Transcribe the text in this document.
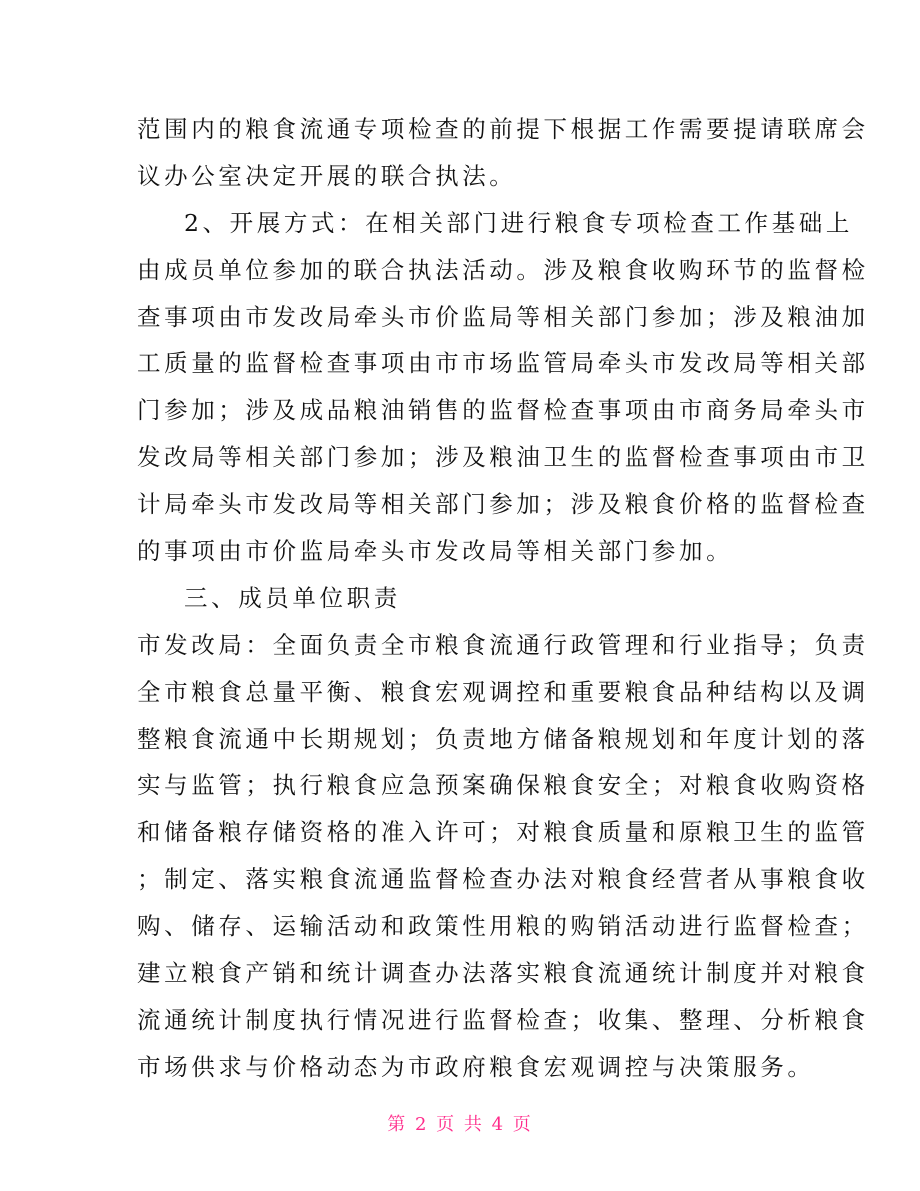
范围内的粮食流通专项检查的前提下根据工作需要提请联席会
议办公室决定开展的联合执法。
2、开展方式：在相关部门进行粮食专项检查工作基础上
由成员单位参加的联合执法活动。涉及粮食收购环节的监督检
查事项由市发改局牵头市价监局等相关部门参加；涉及粮油加
工质量的监督检查事项由市市场监管局牵头市发改局等相关部
门参加；涉及成品粮油销售的监督检查事项由市商务局牵头市
发改局等相关部门参加；涉及粮油卫生的监督检查事项由市卫
计局牵头市发改局等相关部门参加；涉及粮食价格的监督检查
的事项由市价监局牵头市发改局等相关部门参加。
三、成员单位职责
市发改局：全面负责全市粮食流通行政管理和行业指导；负责
全市粮食总量平衡、粮食宏观调控和重要粮食品种结构以及调
整粮食流通中长期规划；负责地方储备粮规划和年度计划的落
实与监管；执行粮食应急预案确保粮食安全；对粮食收购资格
和储备粮存储资格的准入许可；对粮食质量和原粮卫生的监管
；制定、落实粮食流通监督检查办法对粮食经营者从事粮食收
购、储存、运输活动和政策性用粮的购销活动进行监督检查；
建立粮食产销和统计调查办法落实粮食流通统计制度并对粮食
流通统计制度执行情况进行监督检查；收集、整理、分析粮食
市场供求与价格动态为市政府粮食宏观调控与决策服务。
第 2 页 共 4 页
